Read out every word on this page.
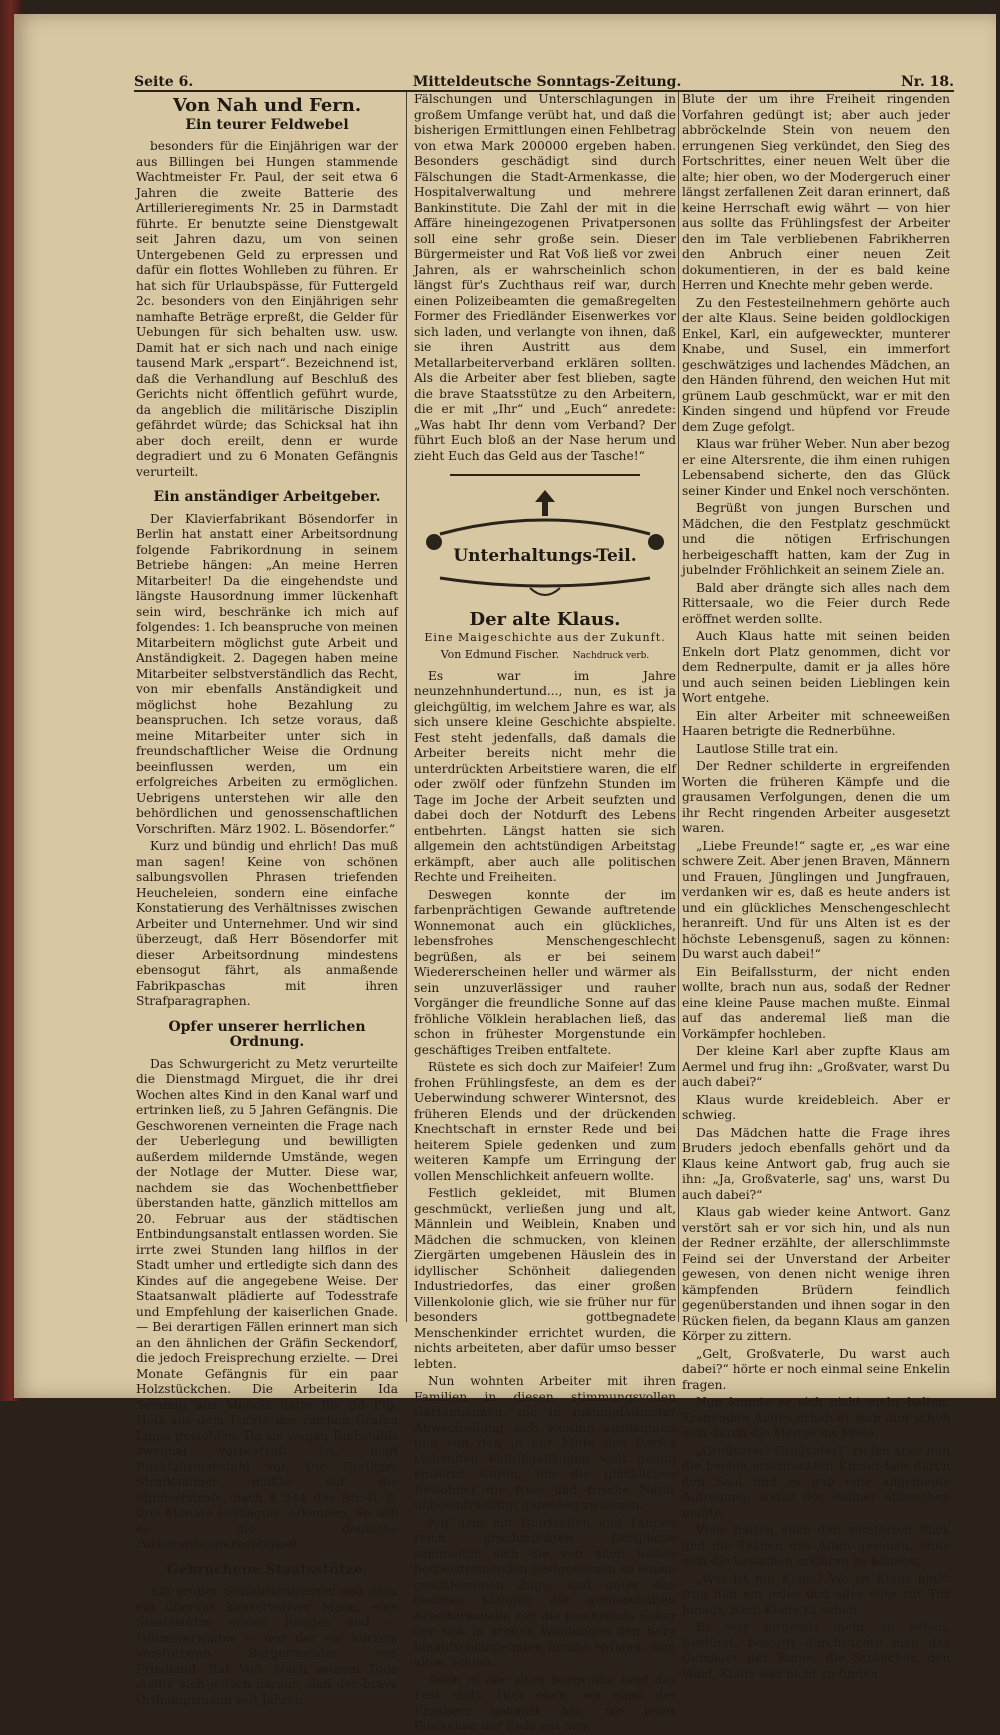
Seite 6.	Mitteldeutsche Sonntags-Zeitung.	Nr. 18.
Von Nah und Fern.
Ein teurer Feldwebel

besonders für die Einjährigen war der aus Billingen bei Hungen stammende Wachtmeister Fr. Paul, der seit etwa 6 Jahren die zweite Batterie des Artillerieregiments Nr. 25 in Darmstadt führte. Er benutzte seine Dienstgewalt seit Jahren dazu, um von seinen Untergebenen Geld zu erpressen und dafür ein flottes Wohlleben zu führen. Er hat sich für Urlaubspässe, für Futtergeld 2c. besonders von den Einjährigen sehr namhafte Beträge erpreßt, die Gelder für Uebungen für sich behalten usw. usw. Damit hat er sich nach und nach einige tausend Mark „erspart“. Bezeichnend ist, daß die Verhandlung auf Beschluß des Gerichts nicht öffentlich geführt wurde, da angeblich die militärische Disziplin gefährdet würde; das Schicksal hat ihn aber doch ereilt, denn er wurde degradiert und zu 6 Monaten Gefängnis verurteilt.

Ein anständiger Arbeitgeber.

Der Klavierfabrikant Bösendorfer in Berlin hat anstatt einer Arbeitsordnung folgende Fabrikordnung in seinem Betriebe hängen: „An meine Herren Mitarbeiter! Da die eingehendste und längste Hausordnung immer lückenhaft sein wird, beschränke ich mich auf folgendes: 1. Ich beanspruche von meinen Mitarbeitern möglichst gute Arbeit und Anständigkeit. 2. Dagegen haben meine Mitarbeiter selbstverständlich das Recht, von mir ebenfalls Anständigkeit und möglichst hohe Bezahlung zu beanspruchen. Ich setze voraus, daß meine Mitarbeiter unter sich in freundschaftlicher Weise die Ordnung beeinflussen werden, um ein erfolgreiches Arbeiten zu ermöglichen. Uebrigens unterstehen wir alle den behördlichen und genossenschaftlichen Vorschriften. März 1902. L. Bösendorfer.“

Kurz und bündig und ehrlich! Das muß man sagen! Keine von schönen salbungsvollen Phrasen triefenden Heucheleien, sondern eine einfache Konstatierung des Verhältnisses zwischen Arbeiter und Unternehmer. Und wir sind überzeugt, daß Herr Bösendorfer mit dieser Arbeitsordnung mindestens ebensogut fährt, als anmaßende Fabrikpaschas mit ihren Strafparagraphen.

Opfer unserer herrlichen Ordnung.

Das Schwurgericht zu Metz verurteilte die Dienstmagd Mirguet, die ihr drei Wochen altes Kind in den Kanal warf und ertrinken ließ, zu 5 Jahren Gefängnis. Die Geschworenen verneinten die Frage nach der Ueberlegung und bewilligten außerdem mildernde Umstände, wegen der Notlage der Mutter. Diese war, nachdem sie das Wochenbettfieber überstanden hatte, gänzlich mittellos am 20. Februar aus der städtischen Entbindungsanstalt entlassen worden. Sie irrte zwei Stunden lang hilflos in der Stadt umher und ertledigte sich dann des Kindes auf die angegebene Weise. Der Staatsanwalt plädierte auf Todesstrafe und Empfehlung der kaiserlichen Gnade. — Bei derartigen Fällen erinnert man sich an den ähnlichen der Gräfin Seckendorf, die jedoch Freisprechung erzielte. — Drei Monate Gefängnis für ein paar Holzstückchen. Die Arbeiterin Ida Semmig aus Moholz hatte für 30 Pfg. Holz aus dem Forste des reichen Grafen Lippe gestohlen. Da sie wegen Diebstahls zweimal vorbestraft ist, liegt Rückfallsdiebstahl vor. Die Görlitzer Strafkammer mußte auf die Mindeststrafe, nach § 244 des Str.-G.-B. drei Monate Gefängnis, erkennen. So will es die deutsche Paragraphengerechtigkeit.

Gebrochene Staatsstütze.

Ein großer Sozialistenfresser und dazu ein überaus konservativer Mann, eine Staatsstütze ersten Ranges und — Polizeiverwalter — war der vor kurzem verstorbene Bürgermeister von Friedland, Rat Voß. Nach seinem Tode stellte sich jedoch heraus, daß der brave Ordnungsmann seit Jahren

Fälschungen und Unterschlagungen in großem Umfange verübt hat, und daß die bisherigen Ermittlungen einen Fehlbetrag von etwa Mark 200000 ergeben haben. Besonders geschädigt sind durch Fälschungen die Stadt-Armenkasse, die Hospitalverwaltung und mehrere Bankinstitute. Die Zahl der mit in die Affäre hineingezogenen Privatpersonen soll eine sehr große sein. Dieser Bürgermeister und Rat Voß ließ vor zwei Jahren, als er wahrscheinlich schon längst für's Zuchthaus reif war, durch einen Polizeibeamten die gemaßregelten Former des Friedländer Eisenwerkes vor sich laden, und verlangte von ihnen, daß sie ihren Austritt aus dem Metallarbeiterverband erklären sollten. Als die Arbeiter aber fest blieben, sagte die brave Staatsstütze zu den Arbeitern, die er mit „Ihr“ und „Euch“ anredete: „Was habt Ihr denn vom Verband? Der führt Euch bloß an der Nase herum und zieht Euch das Geld aus der Tasche!“

Unterhaltungs-Teil.
Der alte Klaus.
Eine Maigeschichte aus der Zukunft.
Von Edmund Fischer. Nachdruck verb.

Es war im Jahre neunzehnhundertund..., nun, es ist ja gleichgültig, im welchem Jahre es war, als sich unsere kleine Geschichte abspielte. Fest steht jedenfalls, daß damals die Arbeiter bereits nicht mehr die unterdrückten Arbeitstiere waren, die elf oder zwölf oder fünfzehn Stunden im Tage im Joche der Arbeit seufzten und dabei doch der Notdurft des Lebens entbehrten. Längst hatten sie sich allgemein den achtstündigen Arbeitstag erkämpft, aber auch alle politischen Rechte und Freiheiten.

Deswegen konnte der im farbenprächtigen Gewande auftretende Wonnemonat auch ein glückliches, lebensfrohes Menschengeschlecht begrüßen, als er bei seinem Wiedererscheinen heller und wärmer als sein unzuverlässiger und rauher Vorgänger die freundliche Sonne auf das fröhliche Völklein herablachen ließ, das schon in frühester Morgenstunde ein geschäftiges Treiben entfaltete.

Rüstete es sich doch zur Maifeier! Zum frohen Frühlingsfeste, an dem es der Ueberwindung schwerer Wintersnot, des früheren Elends und der drückenden Knechtschaft in ernster Rede und bei heiterem Spiele gedenken und zum weiteren Kampfe um Erringung der vollen Menschlichkeit anfeuern wollte.

Festlich gekleidet, mit Blumen geschmückt, verließen jung und alt, Männlein und Weiblein, Knaben und Mädchen die schmucken, von kleinen Ziergärten umgebenen Häuslein des in idyllischer Schönheit daliegenden Industriedorfes, das einer großen Villenkolonie glich, wie sie früher nur für besonders gottbegnadete Menschenkinder errichtet wurden, die nichts arbeiteten, aber dafür umso besser lebten.

Nun wohnten Arbeiter mit ihren Familien in diesen stimmungsvollen Gartenheimen, die in mannigfaltigster Abwechselung sich weithin ausdehnten und von den in der Mitte des Dorfes stehenden Fabrikgebäuden weit genug entfernt waren, um die glücklichen Bewohner die freie und frische Natur unbeeinträchtigt genießen zu lassen.

Auf dem mit Guirlanden und Fahnen reich geschmückten Dorfplatze sammelten sich die von allen Seiten herbeiströmenden Festgenossen zu einem geschlossenen Zuge, und unter den lustigen Klängen der gutgeschulten Arbeiterkapelle zog die jauchzende Schar der sich in großen Windungen den Berg hinaufschlängelnden Straße entlang, zum alten Schloß.

Denn in der alten Burgruine fand das Fest statt. Hier oben, wo einst der Fronherr gehaust hat, wo jedes Fleckchen der Erde mit dem

Blute der um ihre Freiheit ringenden Vorfahren gedüngt ist; aber auch jeder abbröckelnde Stein von neuem den errungenen Sieg verkündet, den Sieg des Fortschrittes, einer neuen Welt über die alte; hier oben, wo der Modergeruch einer längst zerfallenen Zeit daran erinnert, daß keine Herrschaft ewig währt — von hier aus sollte das Frühlingsfest der Arbeiter den im Tale verbliebenen Fabrikherren den Anbruch einer neuen Zeit dokumentieren, in der es bald keine Herren und Knechte mehr geben werde.

Zu den Festesteilnehmern gehörte auch der alte Klaus. Seine beiden goldlockigen Enkel, Karl, ein aufgeweckter, munterer Knabe, und Susel, ein immerfort geschwätziges und lachendes Mädchen, an den Händen führend, den weichen Hut mit grünem Laub geschmückt, war er mit den Kinden singend und hüpfend vor Freude dem Zuge gefolgt.

Klaus war früher Weber. Nun aber bezog er eine Altersrente, die ihm einen ruhigen Lebensabend sicherte, den das Glück seiner Kinder und Enkel noch verschönten.

Begrüßt von jungen Burschen und Mädchen, die den Festplatz geschmückt und die nötigen Erfrischungen herbeigeschafft hatten, kam der Zug in jubelnder Fröhlichkeit an seinem Ziele an.

Bald aber drängte sich alles nach dem Rittersaale, wo die Feier durch Rede eröffnet werden sollte.

Auch Klaus hatte mit seinen beiden Enkeln dort Platz genommen, dicht vor dem Rednerpulte, damit er ja alles höre und auch seinen beiden Lieblingen kein Wort entgehe.

Ein alter Arbeiter mit schneeweißen Haaren betrigte die Rednerbühne.

Lautlose Stille trat ein.

Der Redner schilderte in ergreifenden Worten die früheren Kämpfe und die grausamen Verfolgungen, denen die um ihr Recht ringenden Arbeiter ausgesetzt waren.

„Liebe Freunde!“ sagte er, „es war eine schwere Zeit. Aber jenen Braven, Männern und Frauen, Jünglingen und Jungfrauen, verdanken wir es, daß es heute anders ist und ein glückliches Menschengeschlecht heranreift. Und für uns Alten ist es der höchste Lebensgenuß, sagen zu können: Du warst auch dabei!“

Ein Beifallssturm, der nicht enden wollte, brach nun aus, sodaß der Redner eine kleine Pause machen mußte. Einmal auf das anderemal ließ man die Vorkämpfer hochleben.

Der kleine Karl aber zupfte Klaus am Aermel und frug ihn: „Großvater, warst Du auch dabei?“

Klaus wurde kreidebleich. Aber er schwieg.

Das Mädchen hatte die Frage ihres Bruders jedoch ebenfalls gehört und da Klaus keine Antwort gab, frug auch sie ihn: „Ja, Großvaterle, sag' uns, warst Du auch dabei?“

Klaus gab wieder keine Antwort. Ganz verstört sah er vor sich hin, und als nun der Redner erzählte, der allerschlimmste Feind sei der Unverstand der Arbeiter gewesen, von denen nicht wenige ihren kämpfenden Brüdern feindlich gegenüberstanden und ihnen sogar in den Rücken fielen, da begann Klaus am ganzen Körper zu zittern.

„Gelt, Großvaterle, Du warst auch dabei?“ hörte er noch einmal seine Enkelin fragen.

Nun konnte er sich nicht mehr halten. Tränenden Auges erhob er sich und schob sich durch die Menge ins Freie.

„Großvater! Großvater!“ riefen aber nun die beiden erschreckten Kinder laut durch den Saal und es gab eine allgemeine Aufregung, sodaß der Redner abbrechen mußte.

Viele hatten auch den verstörten Blick und die Tränen des Alten gesehen, ohne sich die Ursachen erklären zu können.

„Was ist mit Klaus? Wo ist Klaus hin?“ frug nun ein jedes und alles eilte zur Tür hinaus, nach Klaus zu sehen.

Es war nirgends mehr zu sehen. Bestürzt, besorgt durchsuchte man das Gemäuer der Ruine, die Sträucher, den Wald, Klaus war nicht zu finden.
